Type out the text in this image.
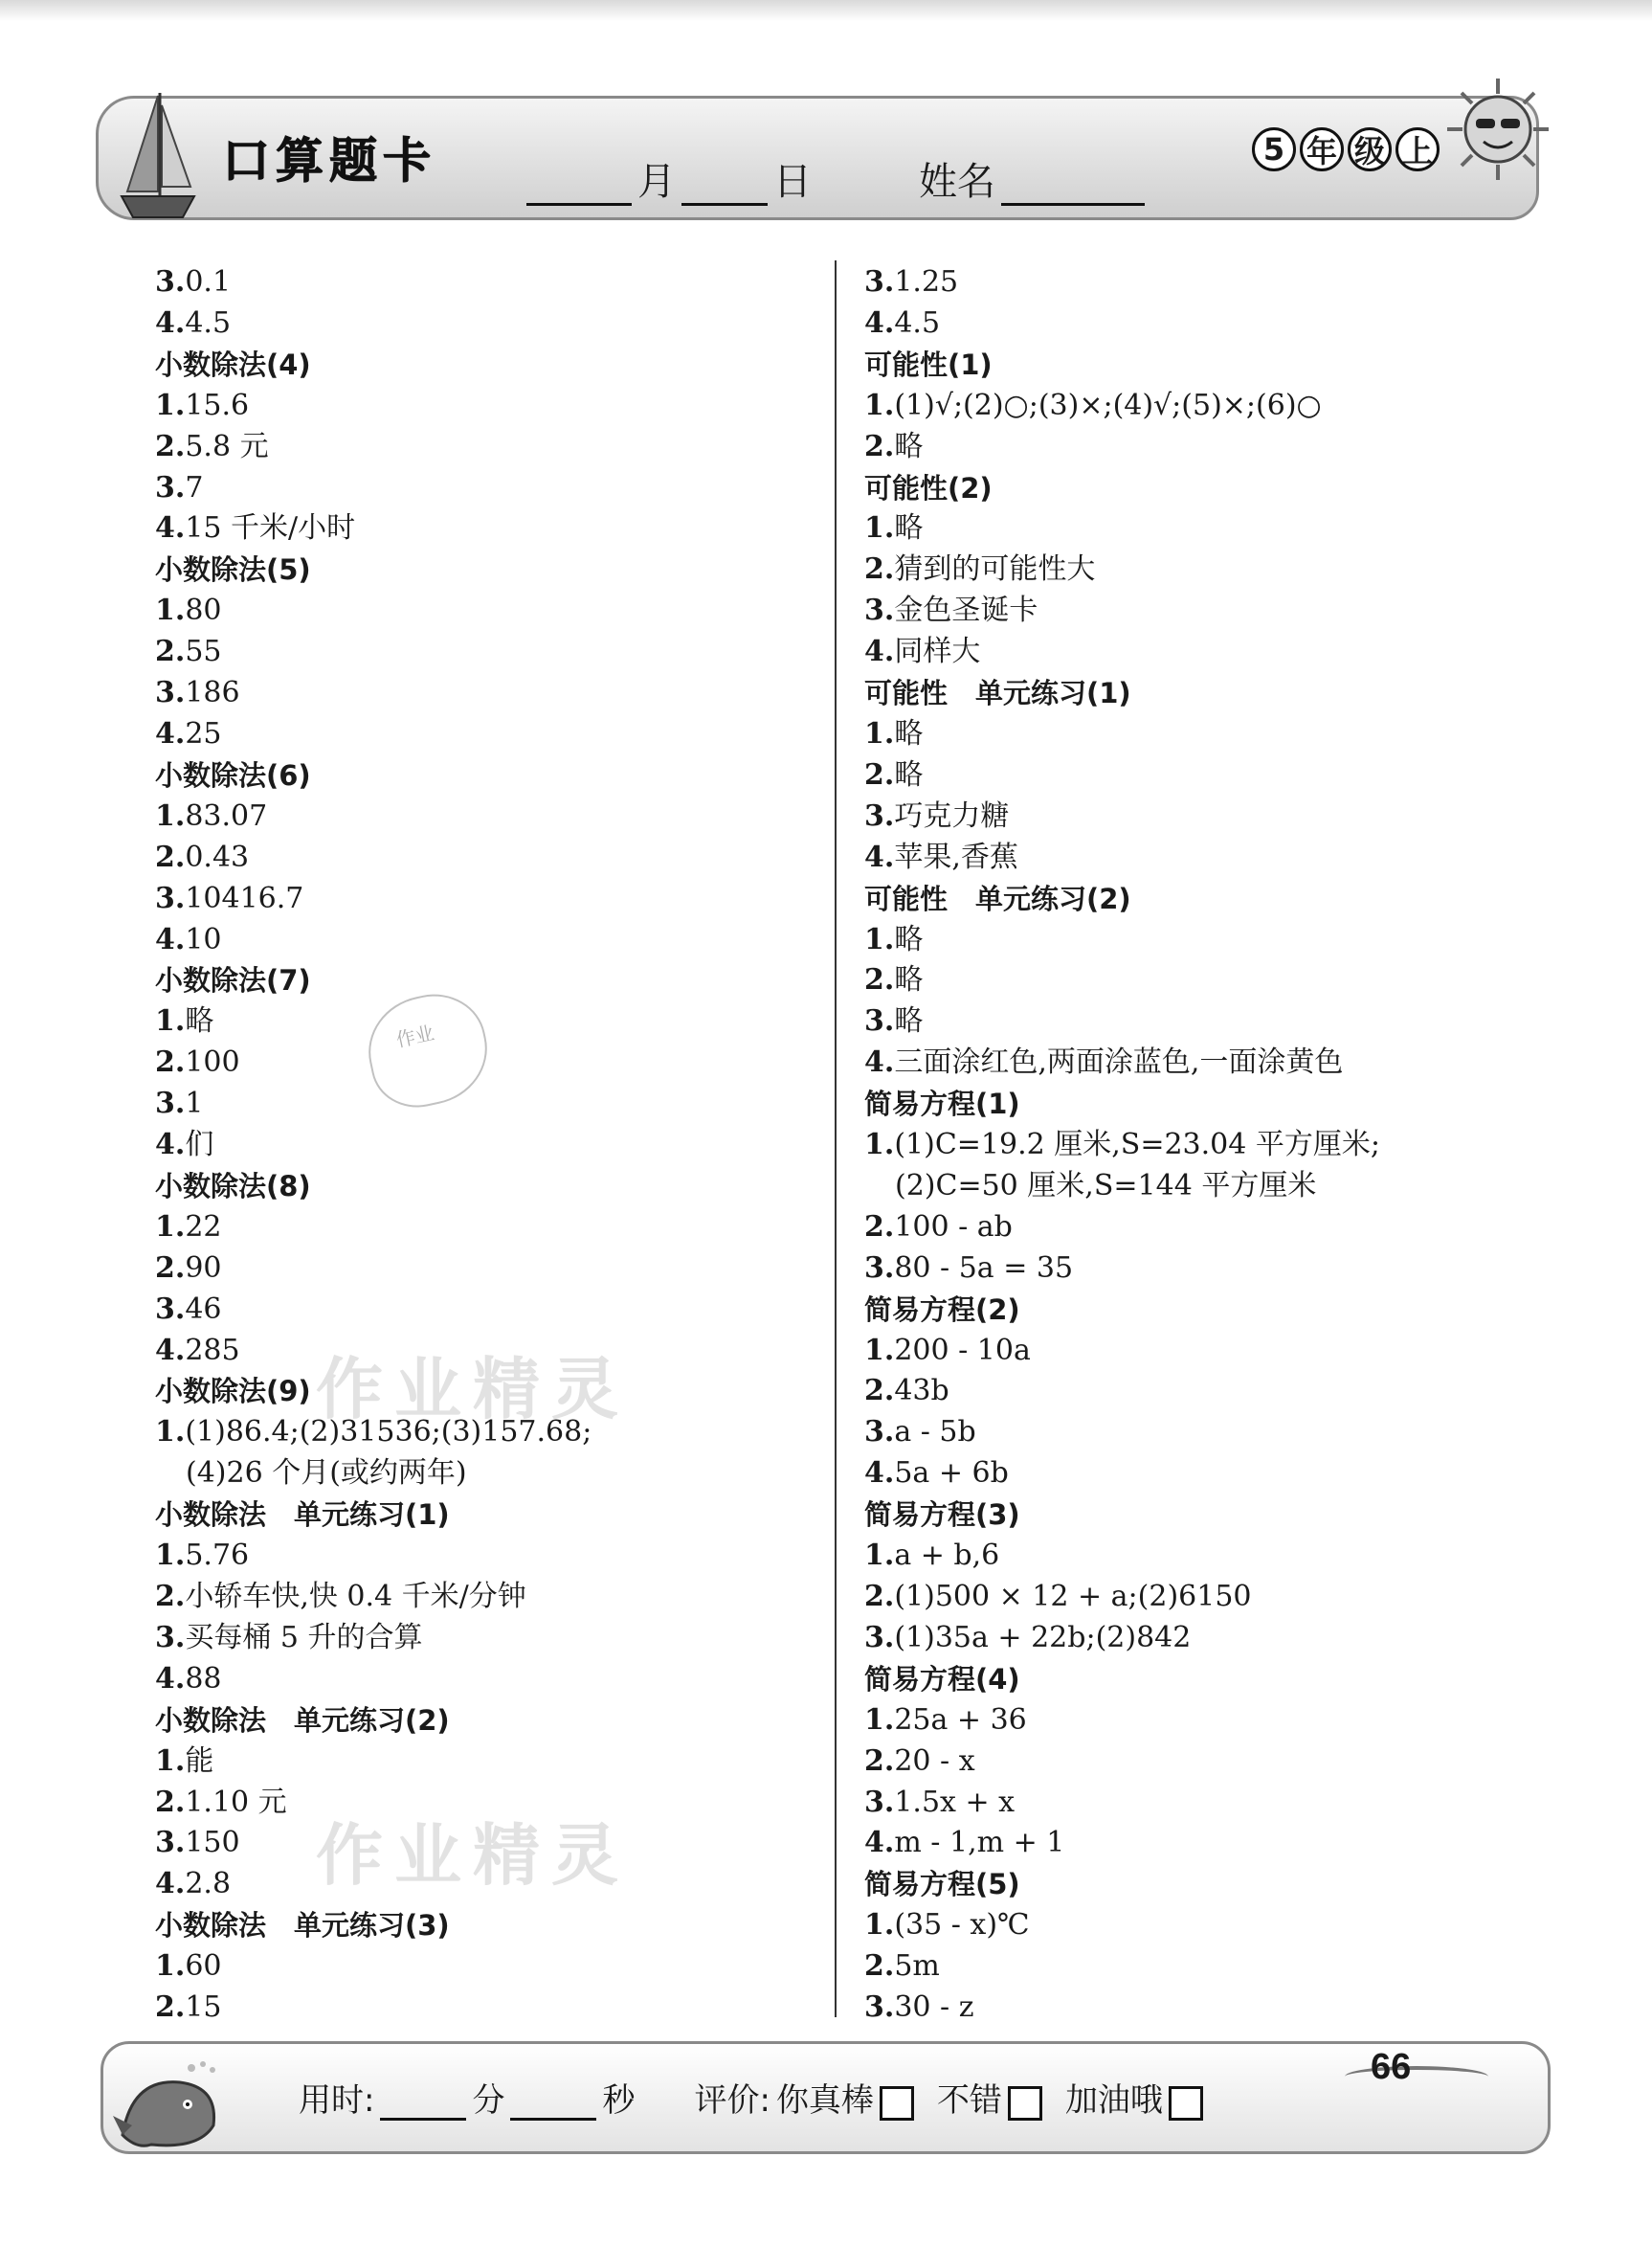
口算题卡	月	日	姓名
5 年 级 上
3.0.1
4.4.5
小数除法(4)
1.15.6
2.5.8 元
3.7
4.15 千米/小时
小数除法(5)
1.80
2.55
3.186
4.25
小数除法(6)
1.83.07
2.0.43
3.10416.7
4.10
小数除法(7)
1.略
2.100
3.1
4.们
小数除法(8)
1.22
2.90
3.46
4.285
小数除法(9)
1.(1)86.4;(2)31536;(3)157.68;
(4)26 个月(或约两年)
小数除法　单元练习(1)
1.5.76
2.小轿车快,快 0.4 千米/分钟
3.买每桶 5 升的合算
4.88
小数除法　单元练习(2)
1.能
2.1.10 元
3.150
4.2.8
小数除法　单元练习(3)
1.60
2.15
3.1.25
4.4.5
可能性(1)
1.(1)√;(2)○;(3)×;(4)√;(5)×;(6)○
2.略
可能性(2)
1.略
2.猜到的可能性大
3.金色圣诞卡
4.同样大
可能性　单元练习(1)
1.略
2.略
3.巧克力糖
4.苹果,香蕉
可能性　单元练习(2)
1.略
2.略
3.略
4.三面涂红色,两面涂蓝色,一面涂黄色
简易方程(1)
1.(1)C=19.2 厘米,S=23.04 平方厘米;
(2)C=50 厘米,S=144 平方厘米
2.100 - ab
3.80 - 5a = 35
简易方程(2)
1.200 - 10a
2.43b
3.a - 5b
4.5a + 6b
简易方程(3)
1.a + b,6
2.(1)500 × 12 + a;(2)6150
3.(1)35a + 22b;(2)842
简易方程(4)
1.25a + 36
2.20 - x
3.1.5x + x
4.m - 1,m + 1
简易方程(5)
1.(35 - x)℃
2.5m
3.30 - z
作业
作业精灵
作业精灵
用时:	分	秒 评价: 你真棒 不错 加油哦
66
